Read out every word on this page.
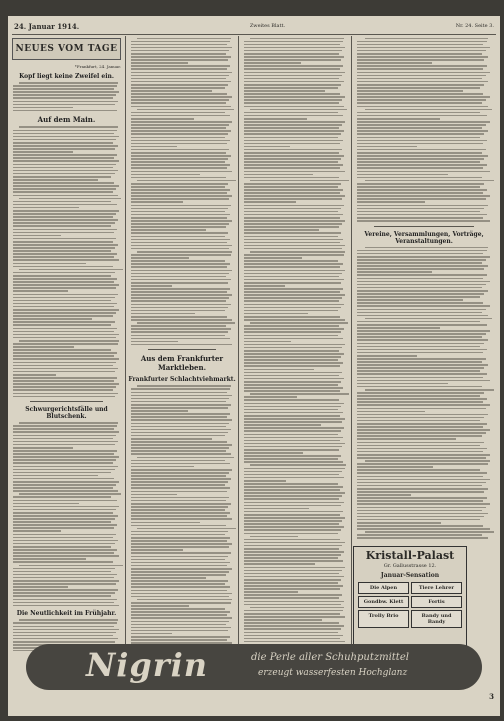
24. Januar 1914.	Zweites Blatt.	Nr. 24. Seite 3.
NEUES VOM TAGE
*Frankfurt, 24. Januar.
Kopf liegt keine Zweifel ein.
Auf dem Main.
Schwurgerichtsfälle und Blutschenk.
Die Neutlichkeit im Frühjahr.
Aus dem Frankfurter Marktleben.
Frankfurter Schlachtviehmarkt.
Vereine, Versammlungen, Vorträge, Veranstaltungen.
Kristall-Palast
Gr. Gallusstrasse 12.
Januar-Sensation
Die Alpen	Tiere Lehrer
Gondbw. Klett	Fortis
Trolly Brio	Bandy und Bandy
Nigrin	die Perle aller Schuhputzmittel
erzeugt wasserfesten Hochglanz
3
